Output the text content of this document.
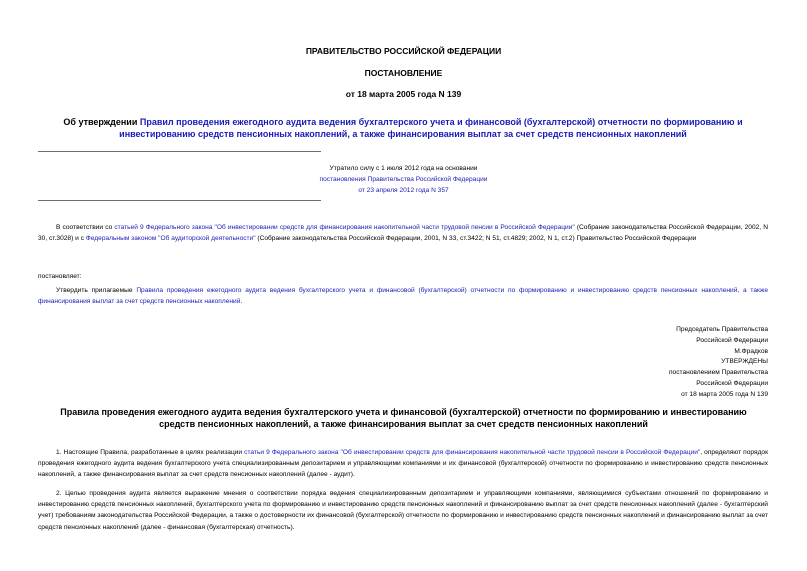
ПРАВИТЕЛЬСТВО РОССИЙСКОЙ ФЕДЕРАЦИИ
ПОСТАНОВЛЕНИЕ
от 18 марта 2005 года N 139
Об утверждении Правил проведения ежегодного аудита ведения бухгалтерского учета и финансовой (бухгалтерской) отчетности по формированию и инвестированию средств пенсионных накоплений, а также финансирования выплат за счет средств пенсионных накоплений
Утратило силу с 1 июля 2012 года на основании
постановления Правительства Российской Федерации
от 23 апреля 2012 года N 357
В соответствии со статьей 9 Федерального закона "Об инвестировании средств для финансирования накопительной части трудовой пенсии в Российской Федерации" (Собрание законодательства Российской Федерации, 2002, N 30, ст.3028) и с Федеральным законом "Об аудиторской деятельности" (Собрание законодательства Российской Федерации, 2001, N 33, ст.3422; N 51, ст.4829; 2002, N 1, ст.2) Правительство Российской Федерации
постановляет:
Утвердить прилагаемые Правила проведения ежегодного аудита ведения бухгалтерского учета и финансовой (бухгалтерской) отчетности по формированию и инвестированию средств пенсионных накоплений, а также финансирования выплат за счет средств пенсионных накоплений.
Председатель Правительства
Российской Федерации
М.Фрадков
УТВЕРЖДЕНЫ
постановлением Правительства
Российской Федерации
от 18 марта 2005 года N 139
Правила проведения ежегодного аудита ведения бухгалтерского учета и финансовой (бухгалтерской) отчетности по формированию и инвестированию средств пенсионных накоплений, а также финансирования выплат за счет средств пенсионных накоплений
1. Настоящие Правила, разработанные в целях реализации статьи 9 Федерального закона "Об инвестировании средств для финансирования накопительной части трудовой пенсии в Российской Федерации", определяют порядок проведения ежегодного аудита ведения бухгалтерского учета специализированным депозитарием и управляющими компаниями и их финансовой (бухгалтерской) отчетности по формированию и инвестированию средств пенсионных накоплений, а также финансирования выплат за счет средств пенсионных накоплений (далее - аудит).
2. Целью проведения аудита является выражение мнения о соответствии порядка ведения специализированным депозитарием и управляющими компаниями, являющимися субъектами отношений по формированию и инвестированию средств пенсионных накоплений, бухгалтерского учета по формированию и инвестированию средств пенсионных накоплений и финансированию выплат за счет средств пенсионных накоплений (далее - бухгалтерский учет) требованиям законодательства Российской Федерации, а также о достоверности их финансовой (бухгалтерской) отчетности по формированию и инвестированию средств пенсионных накоплений и финансированию выплат за счет средств пенсионных накоплений (далее - финансовая (бухгалтерская) отчетность).
